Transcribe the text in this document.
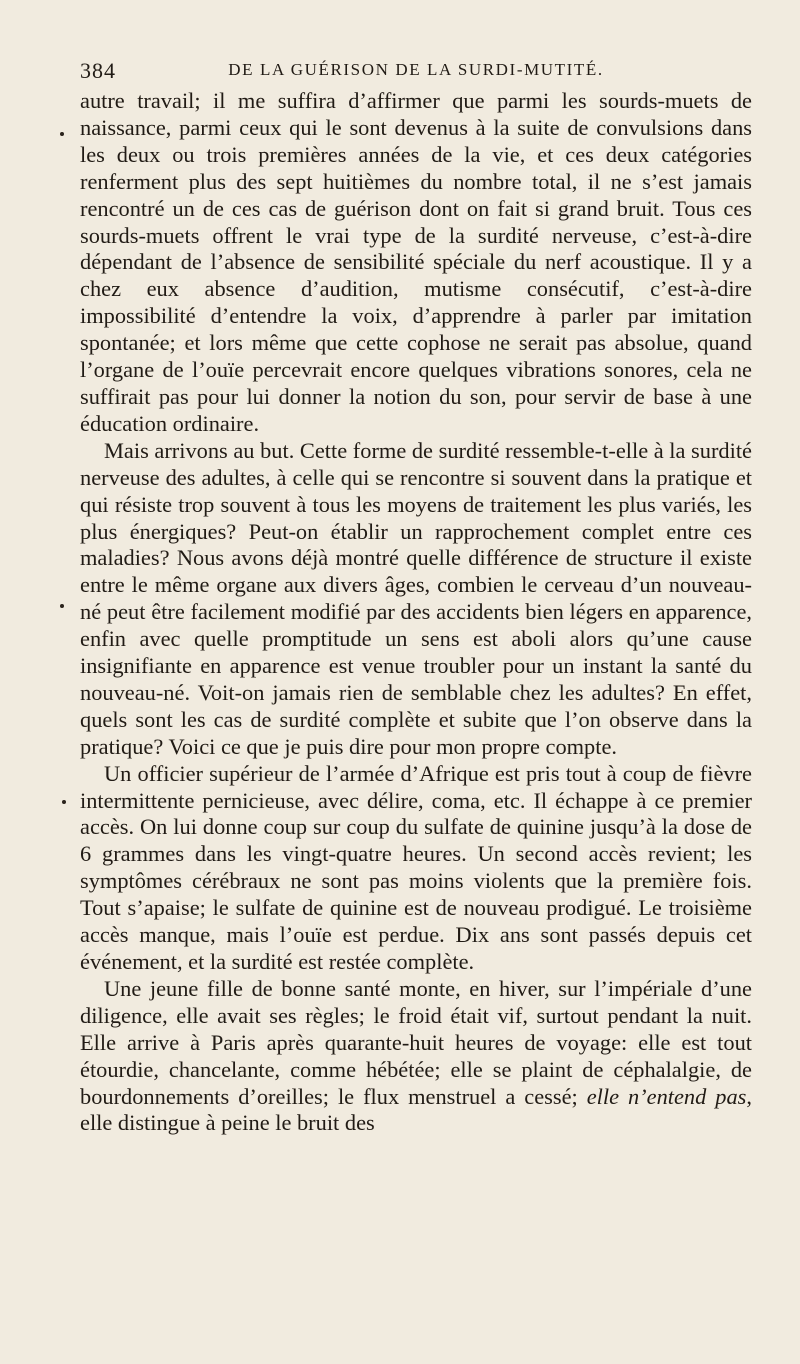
384	DE LA GUÉRISON DE LA SURDI-MUTITÉ.

autre travail; il me suffira d’affirmer que parmi les sourds-muets de naissance, parmi ceux qui le sont devenus à la suite de convulsions dans les deux ou trois premières années de la vie, et ces deux catégories renferment plus des sept huitièmes du nombre total, il ne s’est jamais rencontré un de ces cas de guérison dont on fait si grand bruit. Tous ces sourds-muets offrent le vrai type de la surdité nerveuse, c’est-à-dire dépendant de l’absence de sensibilité spéciale du nerf acoustique. Il y a chez eux absence d’audition, mutisme consécutif, c’est-à-dire impossibilité d’entendre la voix, d’apprendre à parler par imitation spontanée; et lors même que cette cophose ne serait pas absolue, quand l’organe de l’ouïe percevrait encore quelques vibrations sonores, cela ne suffirait pas pour lui donner la notion du son, pour servir de base à une éducation ordinaire.

Mais arrivons au but. Cette forme de surdité ressemble-t-elle à la surdité nerveuse des adultes, à celle qui se rencontre si souvent dans la pratique et qui résiste trop souvent à tous les moyens de traitement les plus variés, les plus énergiques? Peut-on établir un rapprochement complet entre ces maladies? Nous avons déjà montré quelle différence de structure il existe entre le même organe aux divers âges, combien le cerveau d’un nouveau-né peut être facilement modifié par des accidents bien légers en apparence, enfin avec quelle promptitude un sens est aboli alors qu’une cause insignifiante en apparence est venue troubler pour un instant la santé du nouveau-né. Voit-on jamais rien de semblable chez les adultes? En effet, quels sont les cas de surdité complète et subite que l’on observe dans la pratique? Voici ce que je puis dire pour mon propre compte.

Un officier supérieur de l’armée d’Afrique est pris tout à coup de fièvre intermittente pernicieuse, avec délire, coma, etc. Il échappe à ce premier accès. On lui donne coup sur coup du sulfate de quinine jusqu’à la dose de 6 grammes dans les vingt-quatre heures. Un second accès revient; les symptômes cérébraux ne sont pas moins violents que la première fois. Tout s’apaise; le sulfate de quinine est de nouveau prodigué. Le troisième accès manque, mais l’ouïe est perdue. Dix ans sont passés depuis cet événement, et la surdité est restée complète.

Une jeune fille de bonne santé monte, en hiver, sur l’impériale d’une diligence, elle avait ses règles; le froid était vif, surtout pendant la nuit. Elle arrive à Paris après quarante-huit heures de voyage: elle est tout étourdie, chancelante, comme hébétée; elle se plaint de céphalalgie, de bourdonnements d’oreilles; le flux menstruel a cessé; elle n’entend pas, elle distingue à peine le bruit des
